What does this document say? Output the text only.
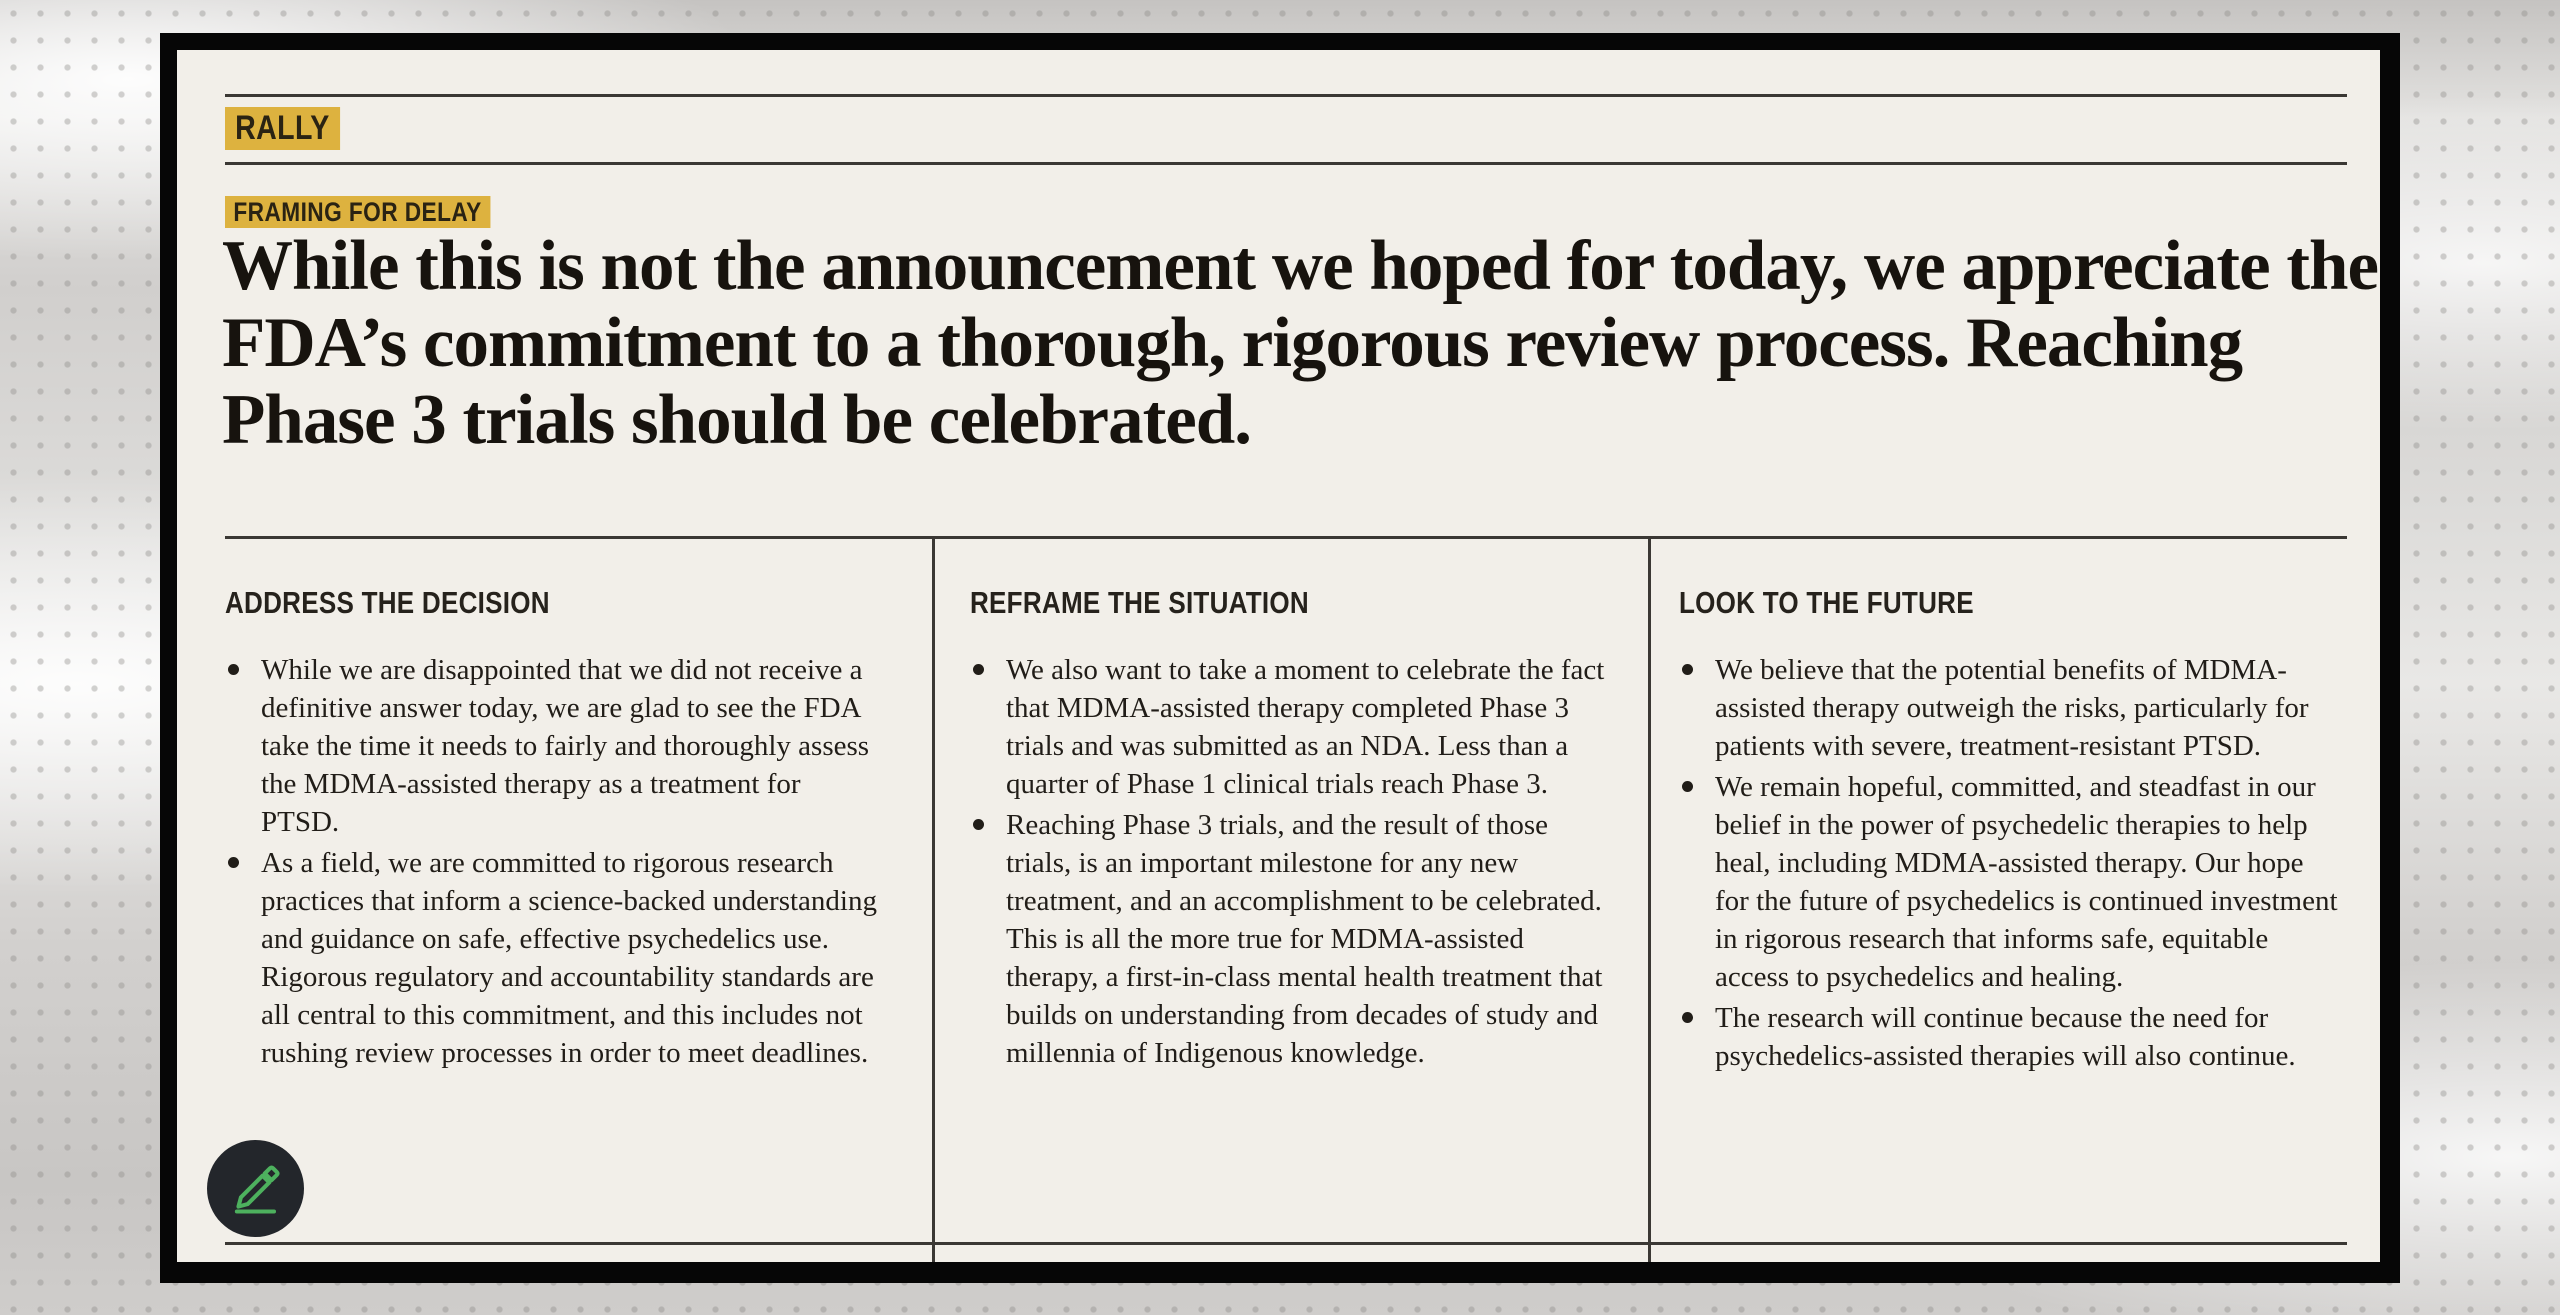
RALLY
FRAMING FOR DELAY
While this is not the announcement we hoped for today, we appreciate the FDA’s commitment to a thorough, rigorous review process. Reaching Phase 3 trials should be celebrated.
ADDRESS THE DECISION
While we are disappointed that we did not receive a definitive answer today, we are glad to see the FDA take the time it needs to fairly and thoroughly assess the MDMA-assisted therapy as a treatment for PTSD.
As a field, we are committed to rigorous research practices that inform a science-backed understanding and guidance on safe, effective psychedelics use. Rigorous regulatory and accountability standards are all central to this commitment, and this includes not rushing review processes in order to meet deadlines.
REFRAME THE SITUATION
We also want to take a moment to celebrate the fact that MDMA-assisted therapy completed Phase 3 trials and was submitted as an NDA. Less than a quarter of Phase 1 clinical trials reach Phase 3.
Reaching Phase 3 trials, and the result of those trials, is an important milestone for any new treatment, and an accomplishment to be celebrated. This is all the more true for MDMA-assisted therapy, a first-in-class mental health treatment that builds on understanding from decades of study and millennia of Indigenous knowledge.
LOOK TO THE FUTURE
We believe that the potential benefits of MDMA-assisted therapy outweigh the risks, particularly for patients with severe, treatment-resistant PTSD.
We remain hopeful, committed, and steadfast in our belief in the power of psychedelic therapies to help heal, including MDMA-assisted therapy. Our hope for the future of psychedelics is continued investment in rigorous research that informs safe, equitable access to psychedelics and healing.
The research will continue because the need for psychedelics-assisted therapies will also continue.
